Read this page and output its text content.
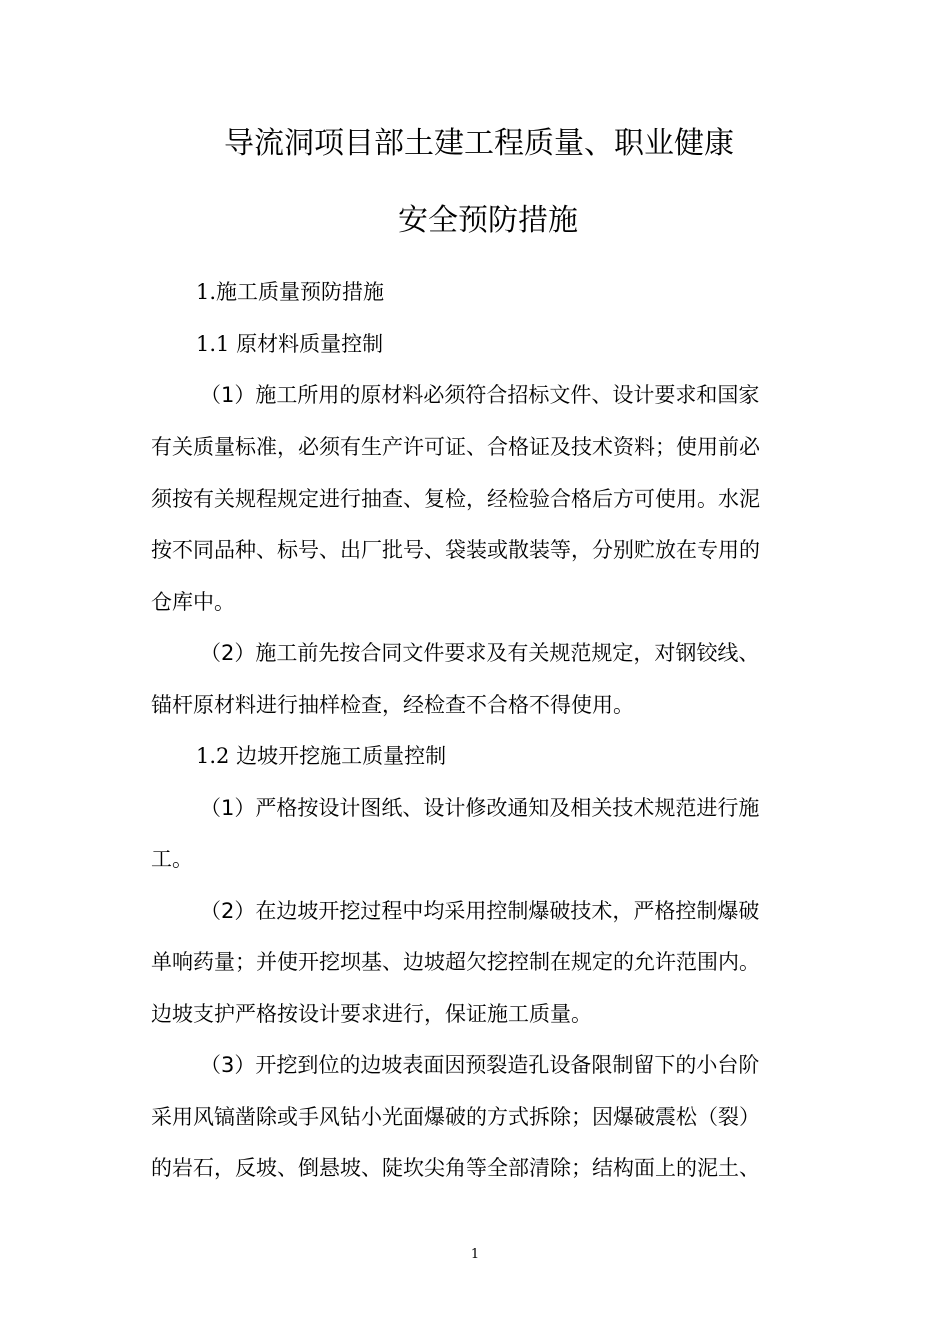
导流洞项目部土建工程质量、职业健康
安全预防措施
1.施工质量预防措施
1.1 原材料质量控制
（1）施工所用的原材料必须符合招标文件、设计要求和国家
有关质量标准，必须有生产许可证、合格证及技术资料；使用前必
须按有关规程规定进行抽查、复检，经检验合格后方可使用。水泥
按不同品种、标号、出厂批号、袋装或散装等，分别贮放在专用的
仓库中。
（2）施工前先按合同文件要求及有关规范规定，对钢铰线、
锚杆原材料进行抽样检查，经检查不合格不得使用。
1.2 边坡开挖施工质量控制
（1）严格按设计图纸、设计修改通知及相关技术规范进行施
工。
（2）在边坡开挖过程中均采用控制爆破技术，严格控制爆破
单响药量；并使开挖坝基、边坡超欠挖控制在规定的允许范围内。
边坡支护严格按设计要求进行，保证施工质量。
（3）开挖到位的边坡表面因预裂造孔设备限制留下的小台阶
采用风镐凿除或手风钻小光面爆破的方式拆除；因爆破震松（裂）
的岩石，反坡、倒悬坡、陡坎尖角等全部清除；结构面上的泥土、
1
